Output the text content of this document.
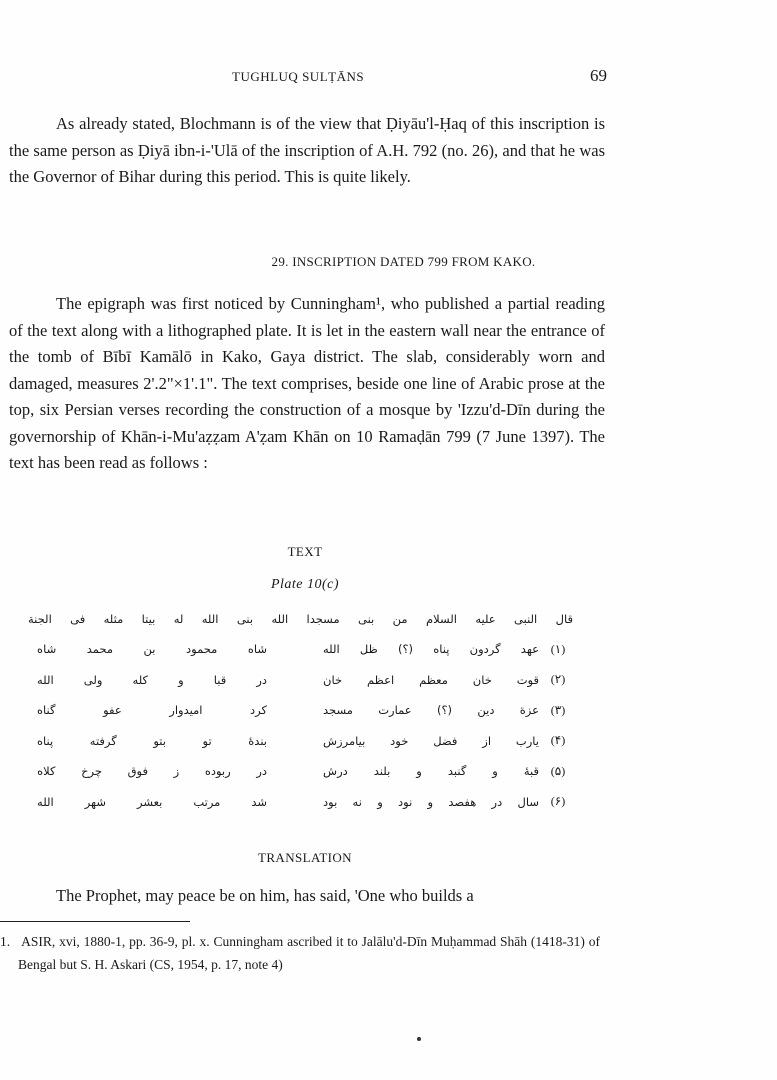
TUGHLUQ SULṬĀNS	69

As already stated, Blochmann is of the view that Ḍiyāu'l-Ḥaq of this inscription is the same person as Ḍiyā ibn-i-'Ulā of the inscription of A.H. 792 (no. 26), and that he was the Governor of Bihar during this period. This is quite likely.

29. INSCRIPTION DATED 799 FROM KAKO.

The epigraph was first noticed by Cunningham¹, who published a partial reading of the text along with a lithographed plate. It is let in the eastern wall near the entrance of the tomb of Bībī Kamālō in Kako, Gaya district. The slab, considerably worn and damaged, measures 2'.2"×1'.1". The text comprises, beside one line of Arabic prose at the top, six Persian verses recording the construction of a mosque by 'Izzu'd-Dīn during the governorship of Khān-i-Mu'aẓẓam A'ẓam Khān on 10 Ramaḍān 799 (7 June 1397). The text has been read as follows :

TEXT
Plate 10(c)
قال
النبی
علیه
السلام
من
بنی
مسجدا
الله
بنی
الله
له
بیتا
مثله
فی
الجنة
(۱)
عهد
گردون
پناه
(؟)
ظل
الله
شاه
محمود
بن
محمد
شاه
(۲)
قوت
خان
معظم
اعظم
خان
در
قبا
و
کله
ولی
الله
(۳)
عزة
دین
(؟)
عمارت
مسجد
کرد
امیدوار
عفو
گناه
(۴)
یارب
از
فضل
خود
بیامرزش
بندهٔ
تو
بتو
گرفته
پناه
(۵)
قبهٔ
و
گنبد
و
بلند
درش
در
ربوده
ز
فوق
چرخ
کلاه
(۶)
سال
در
هفصد
و
نود
و
نه
بود
شد
مرتب
بعشر
شهر
الله
TRANSLATION

The Prophet, may peace be on him, has said, 'One who builds a

1. ASIR, xvi, 1880-1, pp. 36-9, pl. x. Cunningham ascribed it to Jalālu'd-Dīn Muḥammad Shāh (1418-31) of Bengal but S. H. Askari (CS, 1954, p. 17, note 4)
